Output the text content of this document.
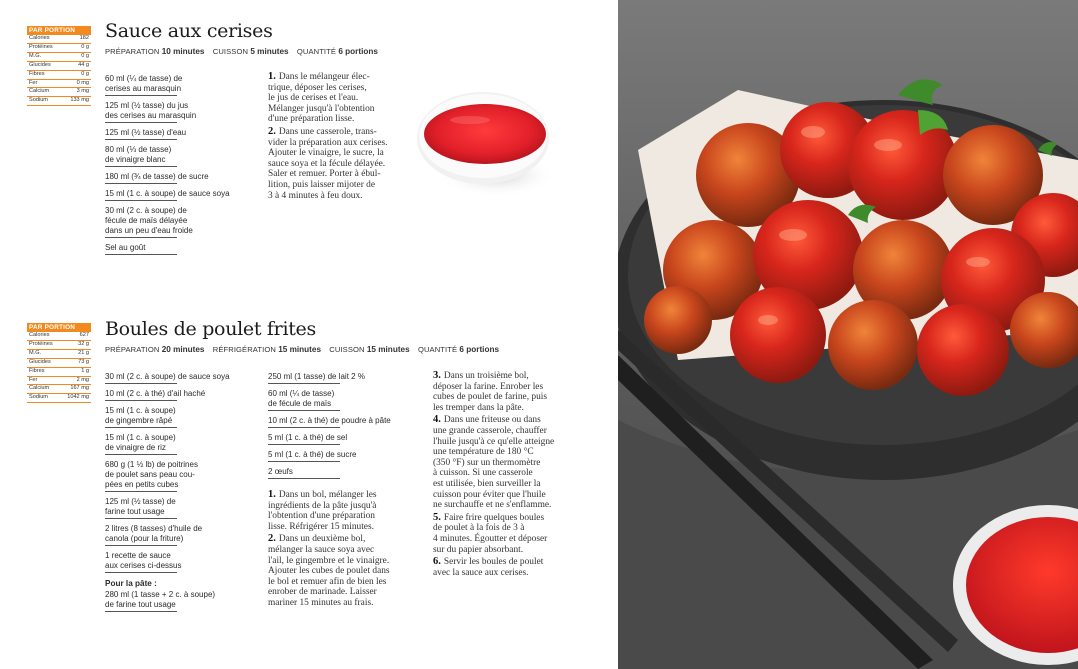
PAR PORTION
Calories	182
Protéines	0 g
M.G.	0 g
Glucides	44 g
Fibres	0 g
Fer	0 mg
Calcium	3 mg
Sodium	133 mg
Sauce aux cerises
PRÉPARATION 10 minutes CUISSON 5 minutes QUANTITÉ 6 portions
60 ml (¼ de tasse) de
cerises au marasquin
125 ml (½ tasse) du jus
des cerises au marasquin
125 ml (½ tasse) d'eau
80 ml (⅓ de tasse)
de vinaigre blanc
180 ml (¾ de tasse) de sucre
15 ml (1 c. à soupe) de sauce soya
30 ml (2 c. à soupe) de
fécule de maïs délayée
dans un peu d'eau froide
Sel au goût
1. Dans le mélangeur élec-
trique, déposer les cerises,
le jus de cerises et l'eau.
Mélanger jusqu'à l'obtention
d'une préparation lisse.
2. Dans une casserole, trans-
vider la préparation aux cerises.
Ajouter le vinaigre, le sucre, la
sauce soya et la fécule délayée.
Saler et remuer. Porter à ébul-
lition, puis laisser mijoter de
3 à 4 minutes à feu doux.
PAR PORTION
Calories	627
Protéines	32 g
M.G.	21 g
Glucides	73 g
Fibres	1 g
Fer	2 mg
Calcium	167 mg
Sodium	1042 mg
Boules de poulet frites
PRÉPARATION 20 minutes RÉFRIGÉRATION 15 minutes CUISSON 15 minutes QUANTITÉ 6 portions
30 ml (2 c. à soupe) de sauce soya
10 ml (2 c. à thé) d'ail haché
15 ml (1 c. à soupe)
de gingembre râpé
15 ml (1 c. à soupe)
de vinaigre de riz
680 g (1 ½ lb) de poitrines
de poulet sans peau cou-
pées en petits cubes
125 ml (½ tasse) de
farine tout usage
2 litres (8 tasses) d'huile de
canola (pour la friture)
1 recette de sauce
aux cerises ci-dessus
Pour la pâte :
280 ml (1 tasse + 2 c. à soupe)
de farine tout usage
250 ml (1 tasse) de lait 2 %
60 ml (¼ de tasse)
de fécule de maïs
10 ml (2 c. à thé) de poudre à pâte
5 ml (1 c. à thé) de sel
5 ml (1 c. à thé) de sucre
2 œufs
1. Dans un bol, mélanger les
ingrédients de la pâte jusqu'à
l'obtention d'une préparation
lisse. Réfrigérer 15 minutes.
2. Dans un deuxième bol,
mélanger la sauce soya avec
l'ail, le gingembre et le vinaigre.
Ajouter les cubes de poulet dans
le bol et remuer afin de bien les
enrober de marinade. Laisser
mariner 15 minutes au frais.
3. Dans un troisième bol,
déposer la farine. Enrober les
cubes de poulet de farine, puis
les tremper dans la pâte.
4. Dans une friteuse ou dans
une grande casserole, chauffer
l'huile jusqu'à ce qu'elle atteigne
une température de 180 °C
(350 °F) sur un thermomètre
à cuisson. Si une casserole
est utilisée, bien surveiller la
cuisson pour éviter que l'huile
ne surchauffe et ne s'enflamme.
5. Faire frire quelques boules
de poulet à la fois de 3 à
4 minutes. Égoutter et déposer
sur du papier absorbant.
6. Servir les boules de poulet
avec la sauce aux cerises.
